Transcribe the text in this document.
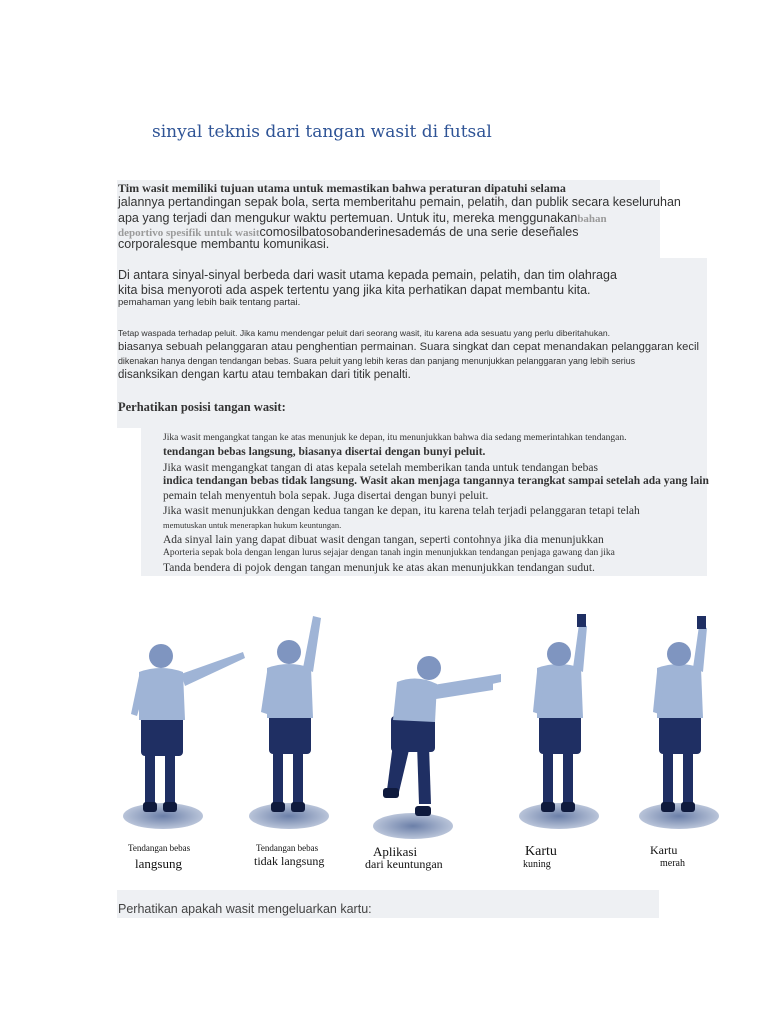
sinyal teknis dari tangan wasit di futsal
Tim wasit memiliki tujuan utama untuk memastikan bahwa peraturan dipatuhi selama
jalannya pertandingan sepak bola, serta memberitahu pemain, pelatih, dan publik secara keseluruhan
apa yang terjadi dan mengukur waktu pertemuan. Untuk itu, mereka menggunakanbahan
deportivo spesifik untuk wasitcomosilbatosobanderinesademás de una serie deseñales
corporalesque membantu komunikasi.
Di antara sinyal-sinyal berbeda dari wasit utama kepada pemain, pelatih, dan tim olahraga
kita bisa menyoroti ada aspek tertentu yang jika kita perhatikan dapat membantu kita.
pemahaman yang lebih baik tentang partai.
Tetap waspada terhadap peluit. Jika kamu mendengar peluit dari seorang wasit, itu karena ada sesuatu yang perlu diberitahukan.
biasanya sebuah pelanggaran atau penghentian permainan. Suara singkat dan cepat menandakan pelanggaran kecil
dikenakan hanya dengan tendangan bebas. Suara peluit yang lebih keras dan panjang menunjukkan pelanggaran yang lebih serius
disanksikan dengan kartu atau tembakan dari titik penalti.
Perhatikan posisi tangan wasit:
Jika wasit mengangkat tangan ke atas menunjuk ke depan, itu menunjukkan bahwa dia sedang memerintahkan tendangan.
tendangan bebas langsung, biasanya disertai dengan bunyi peluit.
Jika wasit mengangkat tangan di atas kepala setelah memberikan tanda untuk tendangan bebas
indica tendangan bebas tidak langsung. Wasit akan menjaga tangannya terangkat sampai setelah ada yang lain
pemain telah menyentuh bola sepak. Juga disertai dengan bunyi peluit.
Jika wasit menunjukkan dengan kedua tangan ke depan, itu karena telah terjadi pelanggaran tetapi telah
memutuskan untuk menerapkan hukum keuntungan.
Ada sinyal lain yang dapat dibuat wasit dengan tangan, seperti contohnya jika dia menunjukkan
Aporteria sepak bola dengan lengan lurus sejajar dengan tanah ingin menunjukkan tendangan penjaga gawang dan jika
Tanda bendera di pojok dengan tangan menunjuk ke atas akan menunjukkan tendangan sudut.
Tendangan bebas
langsung
Tendangan bebas
tidak langsung
Aplikasi
dari keuntungan
Kartu
kuning
Kartu
merah
Perhatikan apakah wasit mengeluarkan kartu:
